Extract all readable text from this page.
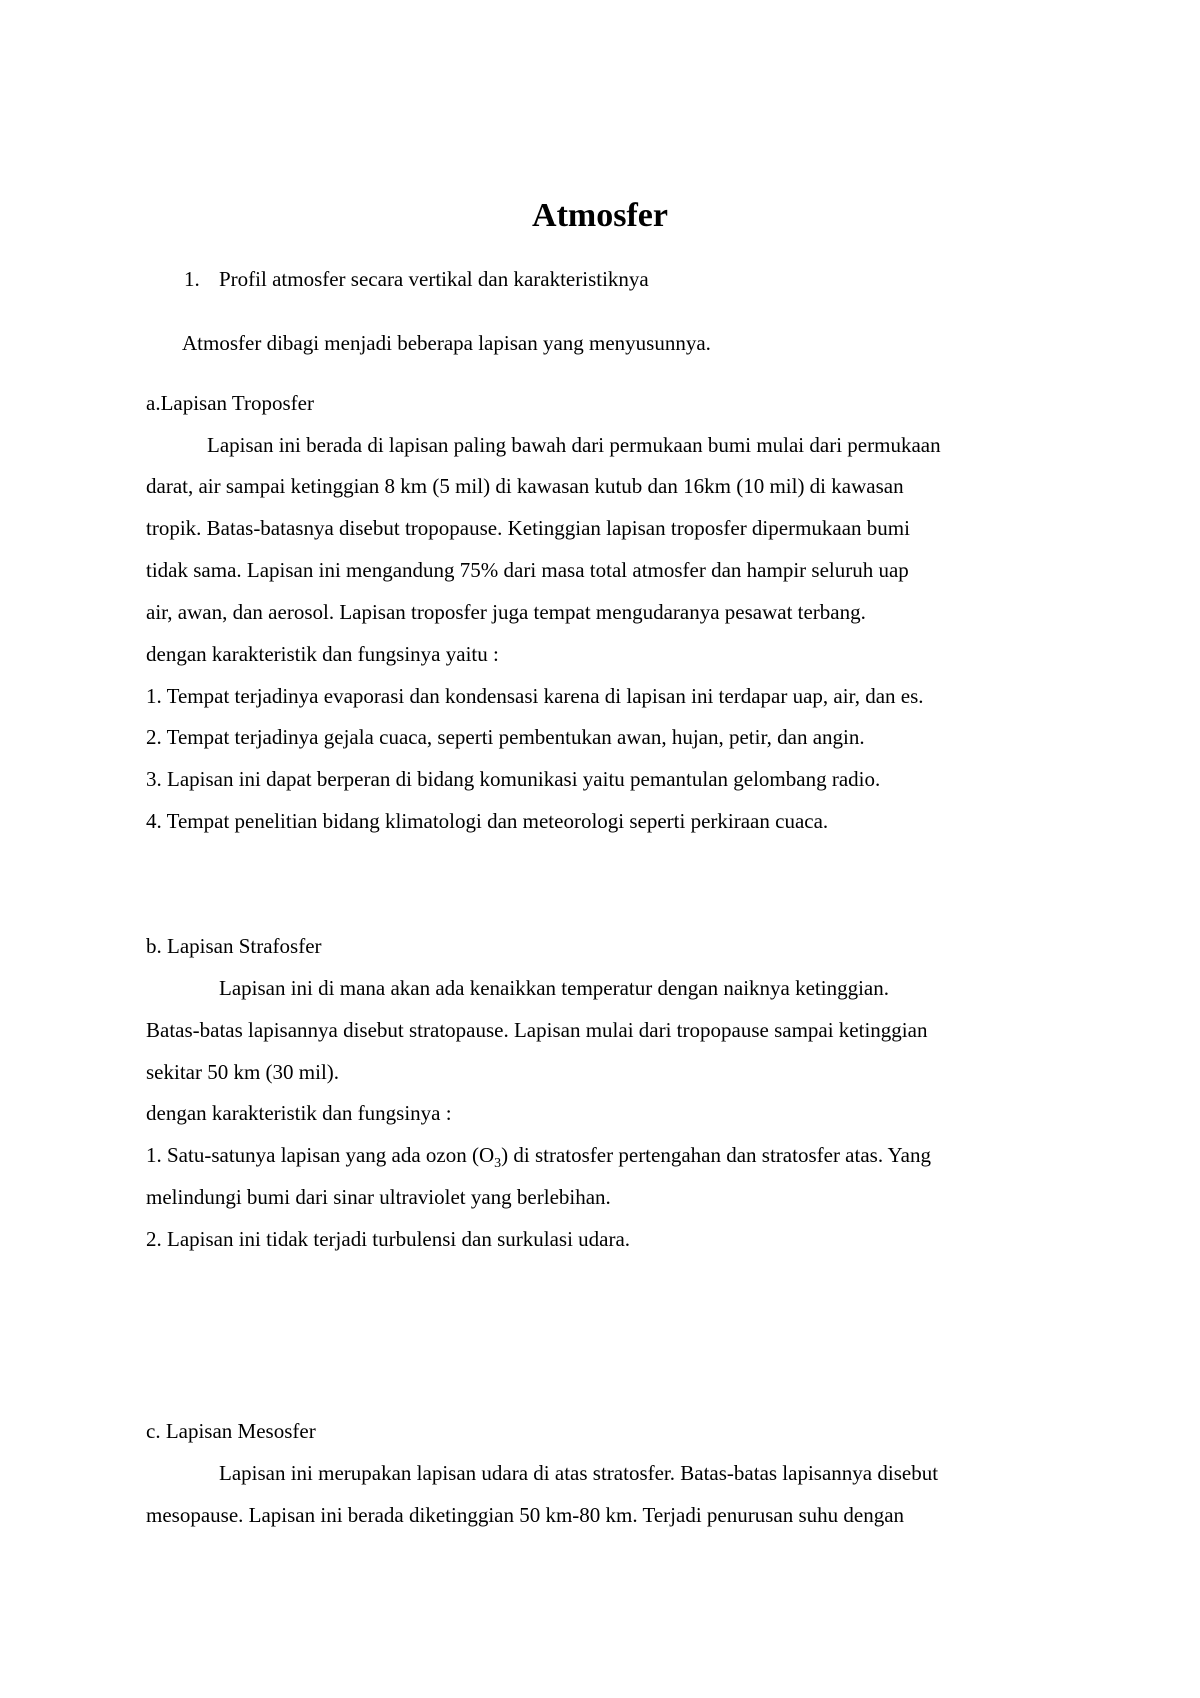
Atmosfer
1. Profil atmosfer secara vertikal dan karakteristiknya
Atmosfer dibagi menjadi beberapa lapisan yang menyusunnya.
a.Lapisan Troposfer
Lapisan ini berada di lapisan paling bawah dari permukaan bumi mulai dari permukaan
darat, air sampai ketinggian 8 km (5 mil) di kawasan kutub dan 16km (10 mil) di kawasan
tropik. Batas-batasnya disebut tropopause. Ketinggian lapisan troposfer dipermukaan bumi
tidak sama. Lapisan ini mengandung 75% dari masa total atmosfer dan hampir seluruh uap
air, awan, dan aerosol. Lapisan troposfer juga tempat mengudaranya pesawat terbang.
dengan karakteristik dan fungsinya yaitu :
1. Tempat terjadinya evaporasi dan kondensasi karena di lapisan ini terdapar uap, air, dan es.
2. Tempat terjadinya gejala cuaca, seperti pembentukan awan, hujan, petir, dan angin.
3. Lapisan ini dapat berperan di bidang komunikasi yaitu pemantulan gelombang radio.
4. Tempat penelitian bidang klimatologi dan meteorologi seperti perkiraan cuaca.
b. Lapisan Strafosfer
Lapisan ini di mana akan ada kenaikkan temperatur dengan naiknya ketinggian.
Batas-batas lapisannya disebut stratopause. Lapisan mulai dari tropopause sampai ketinggian
sekitar 50 km (30 mil).
dengan karakteristik dan fungsinya :
1. Satu-satunya lapisan yang ada ozon $(O_3)$ di stratosfer pertengahan dan stratosfer atas. Yang
melindungi bumi dari sinar ultraviolet yang berlebihan.
2. Lapisan ini tidak terjadi turbulensi dan surkulasi udara.
c. Lapisan Mesosfer
Lapisan ini merupakan lapisan udara di atas stratosfer. Batas-batas lapisannya disebut
mesopause. Lapisan ini berada diketinggian 50 km-80 km. Terjadi penurusan suhu dengan
